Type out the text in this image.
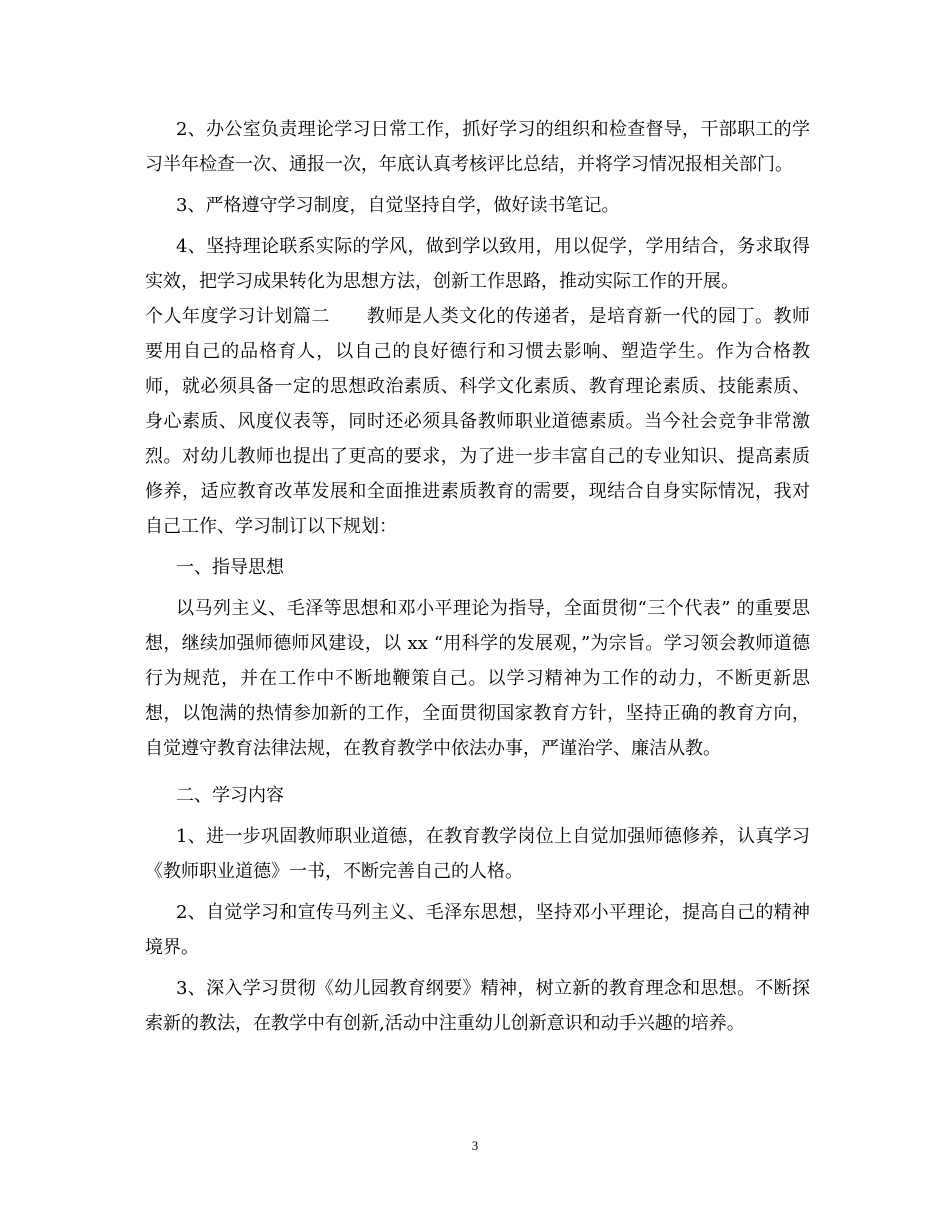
2、办公室负责理论学习日常工作，抓好学习的组织和检查督导，干部职工的学习半年检查一次、通报一次，年底认真考核评比总结，并将学习情况报相关部门。

3、严格遵守学习制度，自觉坚持自学，做好读书笔记。

4、坚持理论联系实际的学风，做到学以致用，用以促学，学用结合，务求取得实效，把学习成果转化为思想方法，创新工作思路，推动实际工作的开展。

个人年度学习计划篇二　　教师是人类文化的传递者，是培育新一代的园丁。教师要用自己的品格育人，以自己的良好德行和习惯去影响、塑造学生。作为合格教师，就必须具备一定的思想政治素质、科学文化素质、教育理论素质、技能素质、身心素质、风度仪表等，同时还必须具备教师职业道德素质。当今社会竞争非常激烈。对幼儿教师也提出了更高的要求，为了进一步丰富自己的专业知识、提高素质修养，适应教育改革发展和全面推进素质教育的需要，现结合自身实际情况，我对自己工作、学习制订以下规划：

一、指导思想

以马列主义、毛泽等思想和邓小平理论为指导，全面贯彻“三个代表” 的重要思想，继续加强师德师风建设，以 xx “用科学的发展观，”为宗旨。学习领会教师道德行为规范，并在工作中不断地鞭策自己。以学习精神为工作的动力，不断更新思想，以饱满的热情参加新的工作，全面贯彻国家教育方针，坚持正确的教育方向，自觉遵守教育法律法规，在教育教学中依法办事，严谨治学、廉洁从教。

二、学习内容

1、进一步巩固教师职业道德，在教育教学岗位上自觉加强师德修养，认真学习《教师职业道德》一书，不断完善自己的人格。

2、自觉学习和宣传马列主义、毛泽东思想，坚持邓小平理论，提高自己的精神境界。

3、深入学习贯彻《幼儿园教育纲要》精神，树立新的教育理念和思想。不断探索新的教法，在教学中有创新,活动中注重幼儿创新意识和动手兴趣的培养。

3
